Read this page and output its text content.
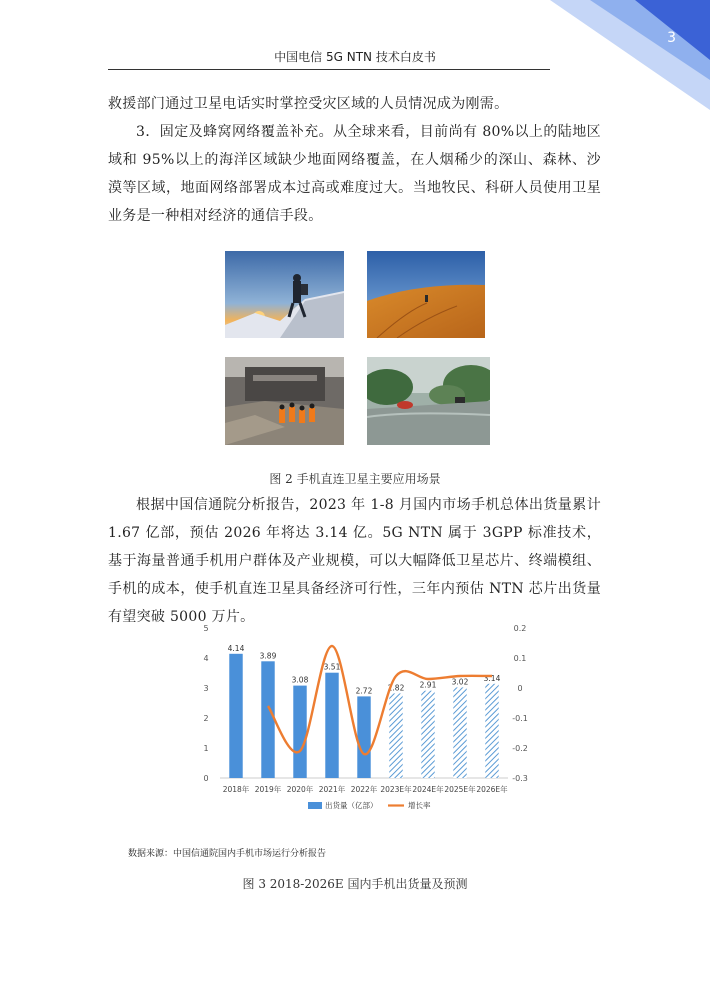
3
中国电信 5G NTN 技术白皮书

救援部门通过卫星电话实时掌控受灾区域的人员情况成为刚需。

3．固定及蜂窝网络覆盖补充。从全球来看，目前尚有 80%以上的陆地区域和 95%以上的海洋区域缺少地面网络覆盖，在人烟稀少的深山、森林、沙漠等区域，地面网络部署成本过高或难度过大。当地牧民、科研人员使用卫星业务是一种相对经济的通信手段。

图 2 手机直连卫星主要应用场景

根据中国信通院分析报告，2023 年 1-8 月国内市场手机总体出货量累计 1.67 亿部，预估 2026 年将达 3.14 亿。5G NTN 属于 3GPP 标准技术，基于海量普通手机用户群体及产业规模，可以大幅降低卫星芯片、终端模组、手机的成本，使手机直连卫星具备经济可行性，三年内预估 NTN 芯片出货量有望突破 5000 万片。

0
1
2
3
4
5
-0.3
-0.2
-0.1
0
0.1
0.2
4.14
2018年
3.89
2019年
3.08
2020年
3.51
2021年
2.72
2022年
2.82
2023E年
2.91
2024E年
3.02
2025E年
3.14
2026E年
出货量（亿部）	增长率
数据来源：中国信通院国内手机市场运行分析报告
图 3 2018-2026E 国内手机出货量及预测
